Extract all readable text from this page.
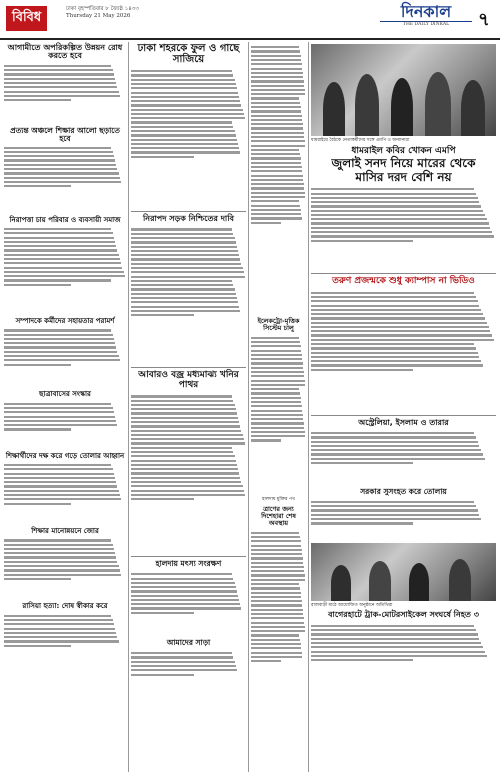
বিবিধ
ঢাকা বৃহস্পতিবার ৮ জ্যৈষ্ঠ ১৪৩৩
Thursday 21 May 2026	দিনকাল
THE DAILY DINKAL	৭
আগামীতে অপরিকল্পিত উন্নয়ন রোধ করতে হবে
প্রত্যন্ত অঞ্চলে শিক্ষার আলো ছড়াতে হবে
নিরাপত্তা চায় পরিবার ও ব্যবসায়ী সমাজ
সম্পাদকে কর্মীদের সহায়তার পরামর্শ
ছাত্রাবাসের সংস্কার
শিক্ষার্থীদের দক্ষ করে গড়ে তোলার আহ্বান
শিক্ষার মানোন্নয়নে জোর
রাসিয়া হত্যা: দোষ স্বীকার করে
ঢাকা শহরকে ফুল ও গাছে সাজিয়ে
নিরাপদ সড়ক নিশ্চিতের দাবি
আবারও বজ্র মধ্যমাঝ্য খনির পাথর
হালদায় মৎস্য সংরক্ষণ
আমাদের সাড়া
ইলেকট্রো-মৃত্তিক সিস্টেম চালু
হালদায় মুক্তির পথ
ত্রাণের জন্য দিশেহারা শেষ অবস্থায়
ধামরাইয়ে বৈঠকে নেতাকর্মীদের সঙ্গে এমপি ও অন্যান্যরা
ধামরাইল কবির খোকন এমপি
জুলাই সনদ নিয়ে মারের থেকে
মাসির দরদ বেশি নয়
তরুণ প্রজন্মকে শুধু ক্যাম্পাস না ভিডিও
অস্ট্রেলিয়া, ইসলাম ও তারার
সরকার সুসংহত করে তোলায়
রাজবাড়ী মাঠে আয়োজিত অনুষ্ঠানে অতিথিরা
বাগেরহাটে ট্রাক-মোটরসাইকেল সংঘর্ষে নিহত ৩
